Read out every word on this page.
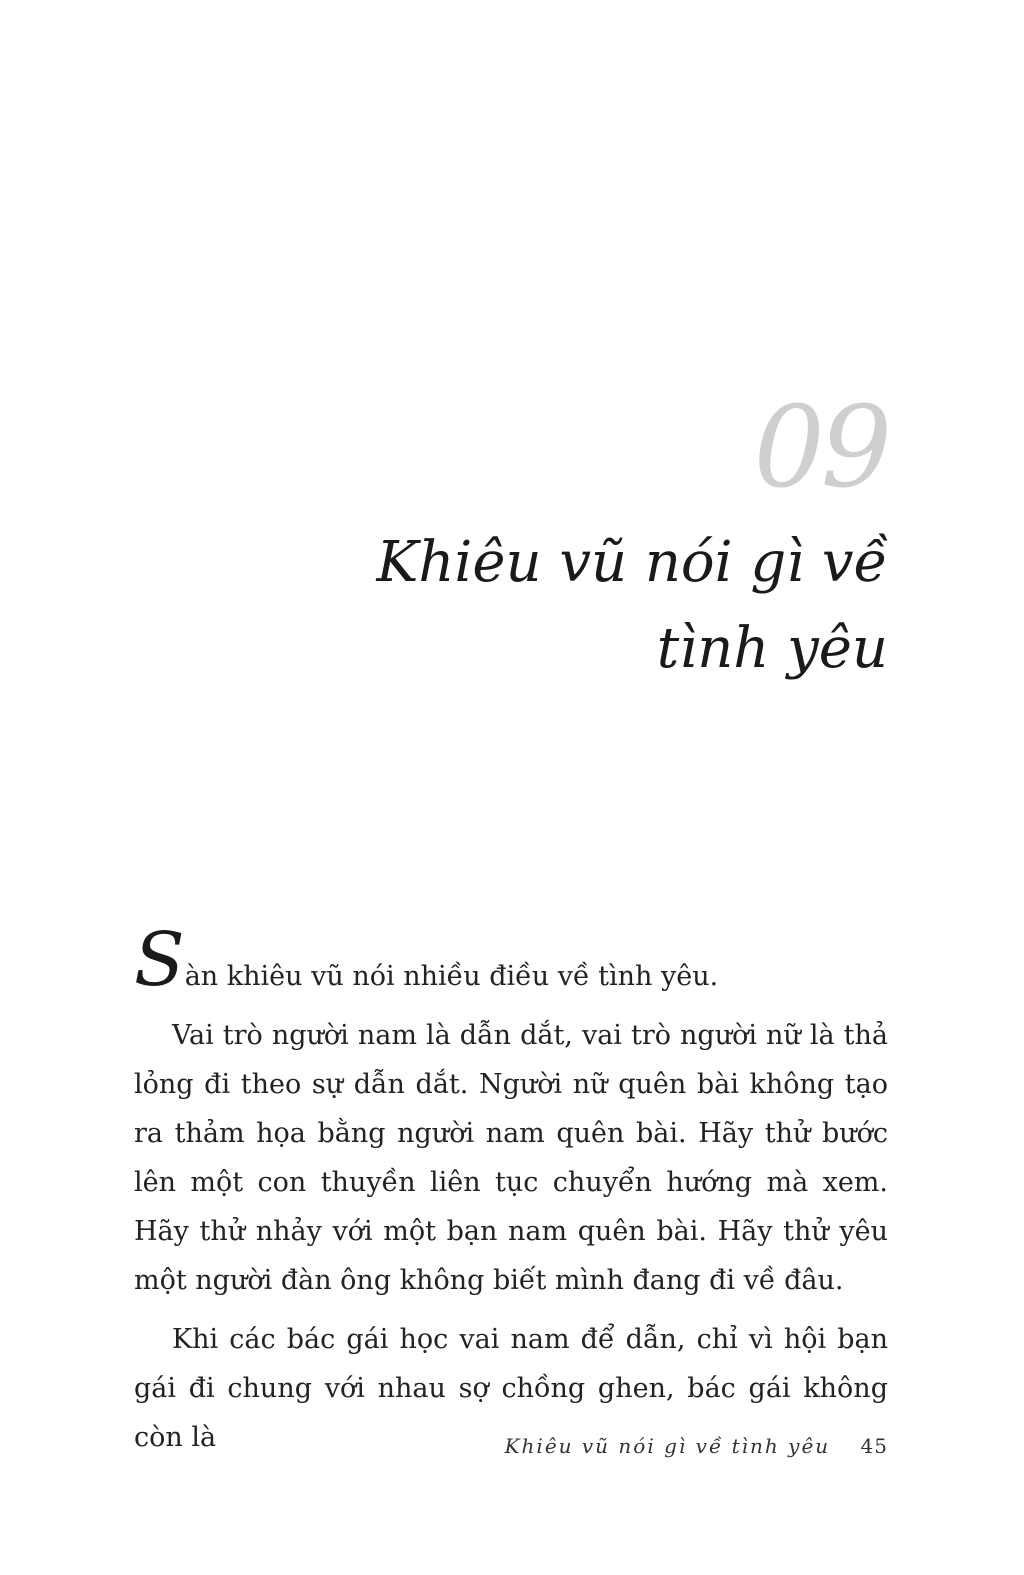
09
Khiêu vũ nói gì về
tình yêu

Sàn khiêu vũ nói nhiều điều về tình yêu.

Vai trò người nam là dẫn dắt, vai trò người nữ là thả lỏng đi theo sự dẫn dắt. Người nữ quên bài không tạo ra thảm họa bằng người nam quên bài. Hãy thử bước lên một con thuyền liên tục chuyển hướng mà xem. Hãy thử nhảy với một bạn nam quên bài. Hãy thử yêu một người đàn ông không biết mình đang đi về đâu.

Khi các bác gái học vai nam để dẫn, chỉ vì hội bạn gái đi chung với nhau sợ chồng ghen, bác gái không còn là	Khiêu vũ nói gì về tình yêu 45
